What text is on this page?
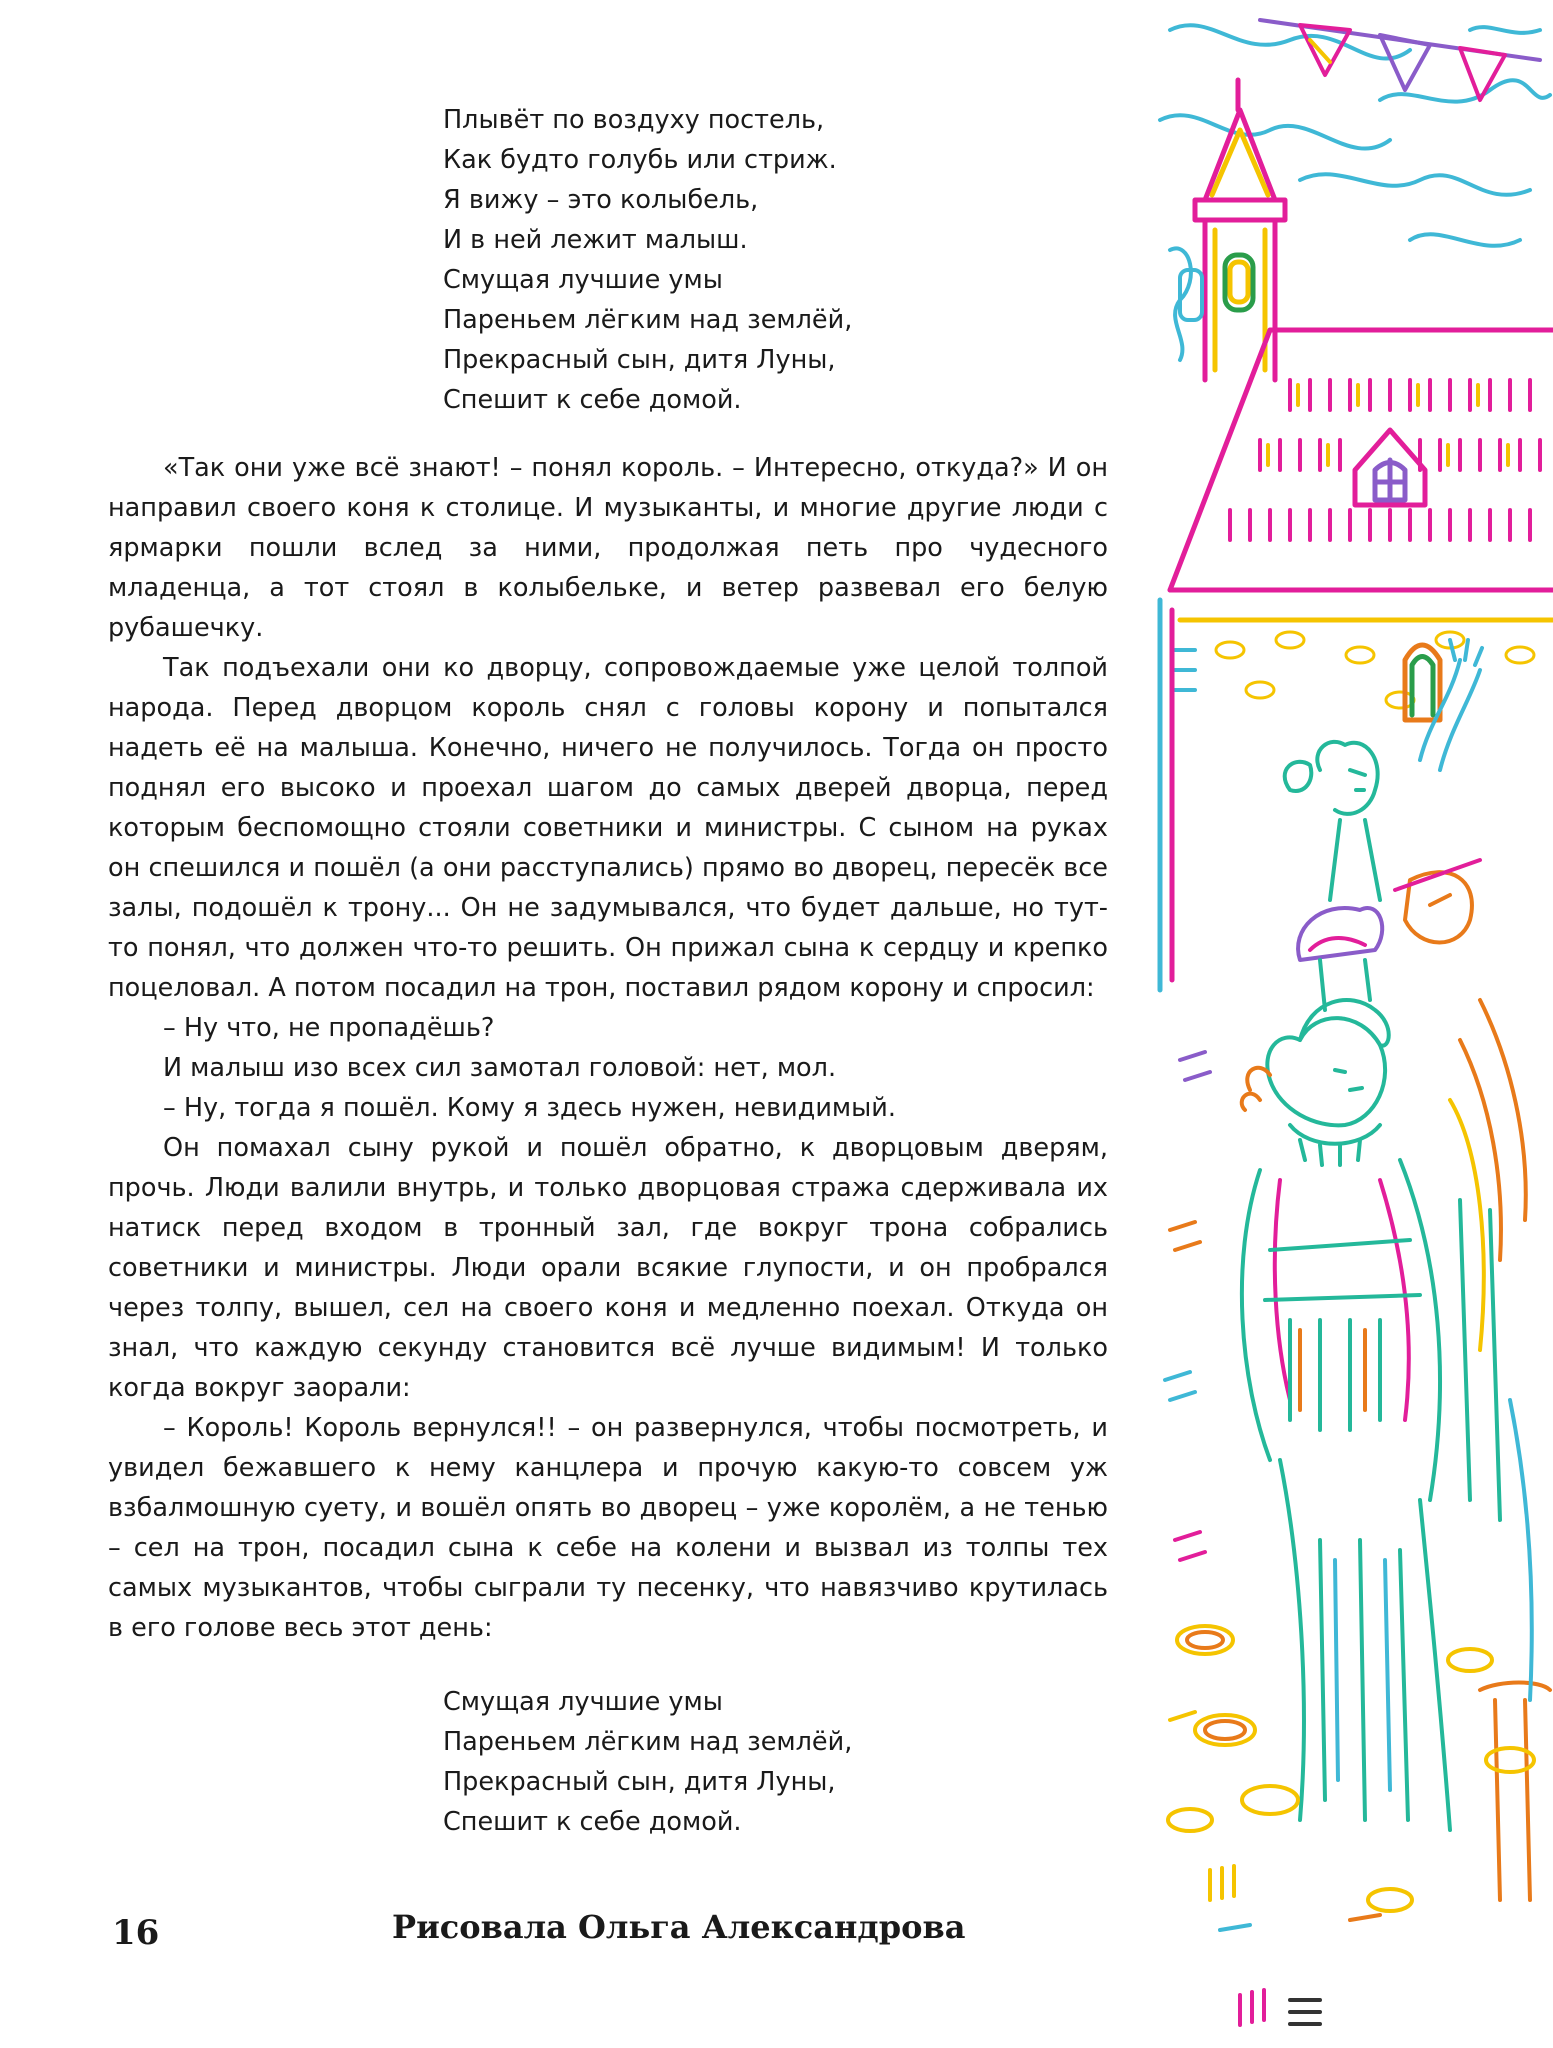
Плывёт по воздуху постель,
Как будто голубь или стриж.
Я вижу – это колыбель,
И в ней лежит малыш.
Смущая лучшие умы
Пареньем лёгким над землёй,
Прекрасный сын, дитя Луны,
Спешит к себе домой.

«Так они уже всё знают! – понял король. – Интересно, откуда?» И он направил своего коня к столице. И музыканты, и многие другие люди с ярмарки пошли вслед за ними, продолжая петь про чудесного младенца, а тот стоял в колыбельке, и ветер развевал его белую рубашечку.

Так подъехали они ко дворцу, сопровождаемые уже целой толпой народа. Перед дворцом король снял с головы корону и попытался надеть её на малыша. Конечно, ничего не получилось. Тогда он просто поднял его высоко и проехал шагом до самых дверей дворца, перед которым беспомощно стояли советники и министры. С сыном на руках он спешился и пошёл (а они расступались) прямо во дворец, пересёк все залы, подошёл к трону... Он не задумывался, что будет дальше, но тут-то понял, что должен что-то решить. Он прижал сына к сердцу и крепко поцеловал. А потом посадил на трон, поставил рядом корону и спросил:

– Ну что, не пропадёшь?

И малыш изо всех сил замотал головой: нет, мол.

– Ну, тогда я пошёл. Кому я здесь нужен, невидимый.

Он помахал сыну рукой и пошёл обратно, к дворцовым дверям, прочь. Люди валили внутрь, и только дворцовая стража сдерживала их натиск перед входом в тронный зал, где вокруг трона собрались советники и министры. Люди орали всякие глупости, и он пробрался через толпу, вышел, сел на своего коня и медленно поехал. Откуда он знал, что каждую секунду становится всё лучше видимым! И только когда вокруг заорали:

– Король! Король вернулся!! – он развернулся, чтобы посмотреть, и увидел бежавшего к нему канцлера и прочую какую-то совсем уж взбалмошную суету, и вошёл опять во дворец – уже королём, а не тенью – сел на трон, посадил сына к себе на колени и вызвал из толпы тех самых музыкантов, чтобы сыграли ту песенку, что навязчиво крутилась в его голове весь этот день:

Смущая лучшие умы
Пареньем лёгким над землёй,
Прекрасный сын, дитя Луны,
Спешит к себе домой.
16	Рисовала Ольга Александрова
